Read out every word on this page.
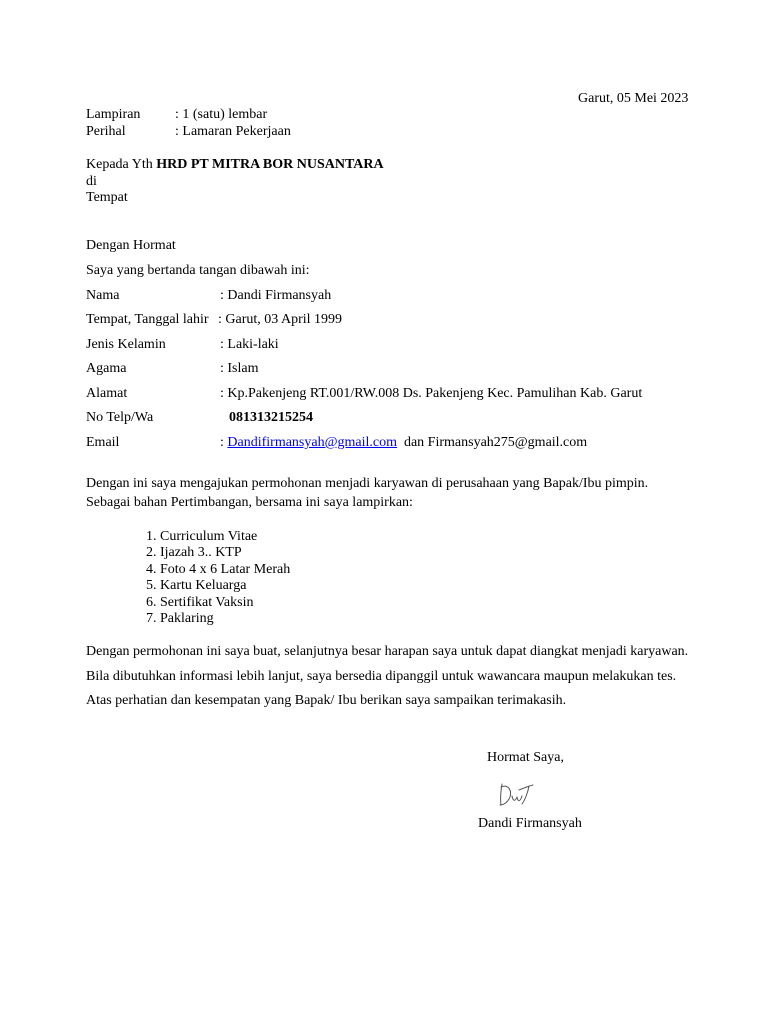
Garut, 05 Mei 2023
Lampiran : 1 (satu) lembar
Perihal	: Lamaran Pekerjaan
Kepada Yth HRD PT MITRA BOR NUSANTARA
di
Tempat
Dengan Hormat
Saya yang bertanda tangan dibawah ini:
Nama	: Dandi Firmansyah
Tempat, Tanggal lahir : Garut, 03 April 1999
Jenis Kelamin	: Laki-laki
Agama	: Islam
Alamat	: Kp.Pakenjeng RT.001/RW.008 Ds. Pakenjeng Kec. Pamulihan Kab. Garut
No Telp/Wa	081313215254
Email	: Dandifirmansyah@gmail.com  dan Firmansyah275@gmail.com
Dengan ini saya mengajukan permohonan menjadi karyawan di perusahaan yang Bapak/Ibu pimpin.
Sebagai bahan Pertimbangan, bersama ini saya lampirkan:
1. Curriculum Vitae
2. Ijazah 3.. KTP
4. Foto 4 x 6 Latar Merah
5. Kartu Keluarga
6. Sertifikat Vaksin
7. Paklaring
Dengan permohonan ini saya buat, selanjutnya besar harapan saya untuk dapat diangkat menjadi karyawan.
Bila dibutuhkan informasi lebih lanjut, saya bersedia dipanggil untuk wawancara maupun melakukan tes.
Atas perhatian dan kesempatan yang Bapak/ Ibu berikan saya sampaikan terimakasih.
Hormat Saya,
Dandi Firmansyah
